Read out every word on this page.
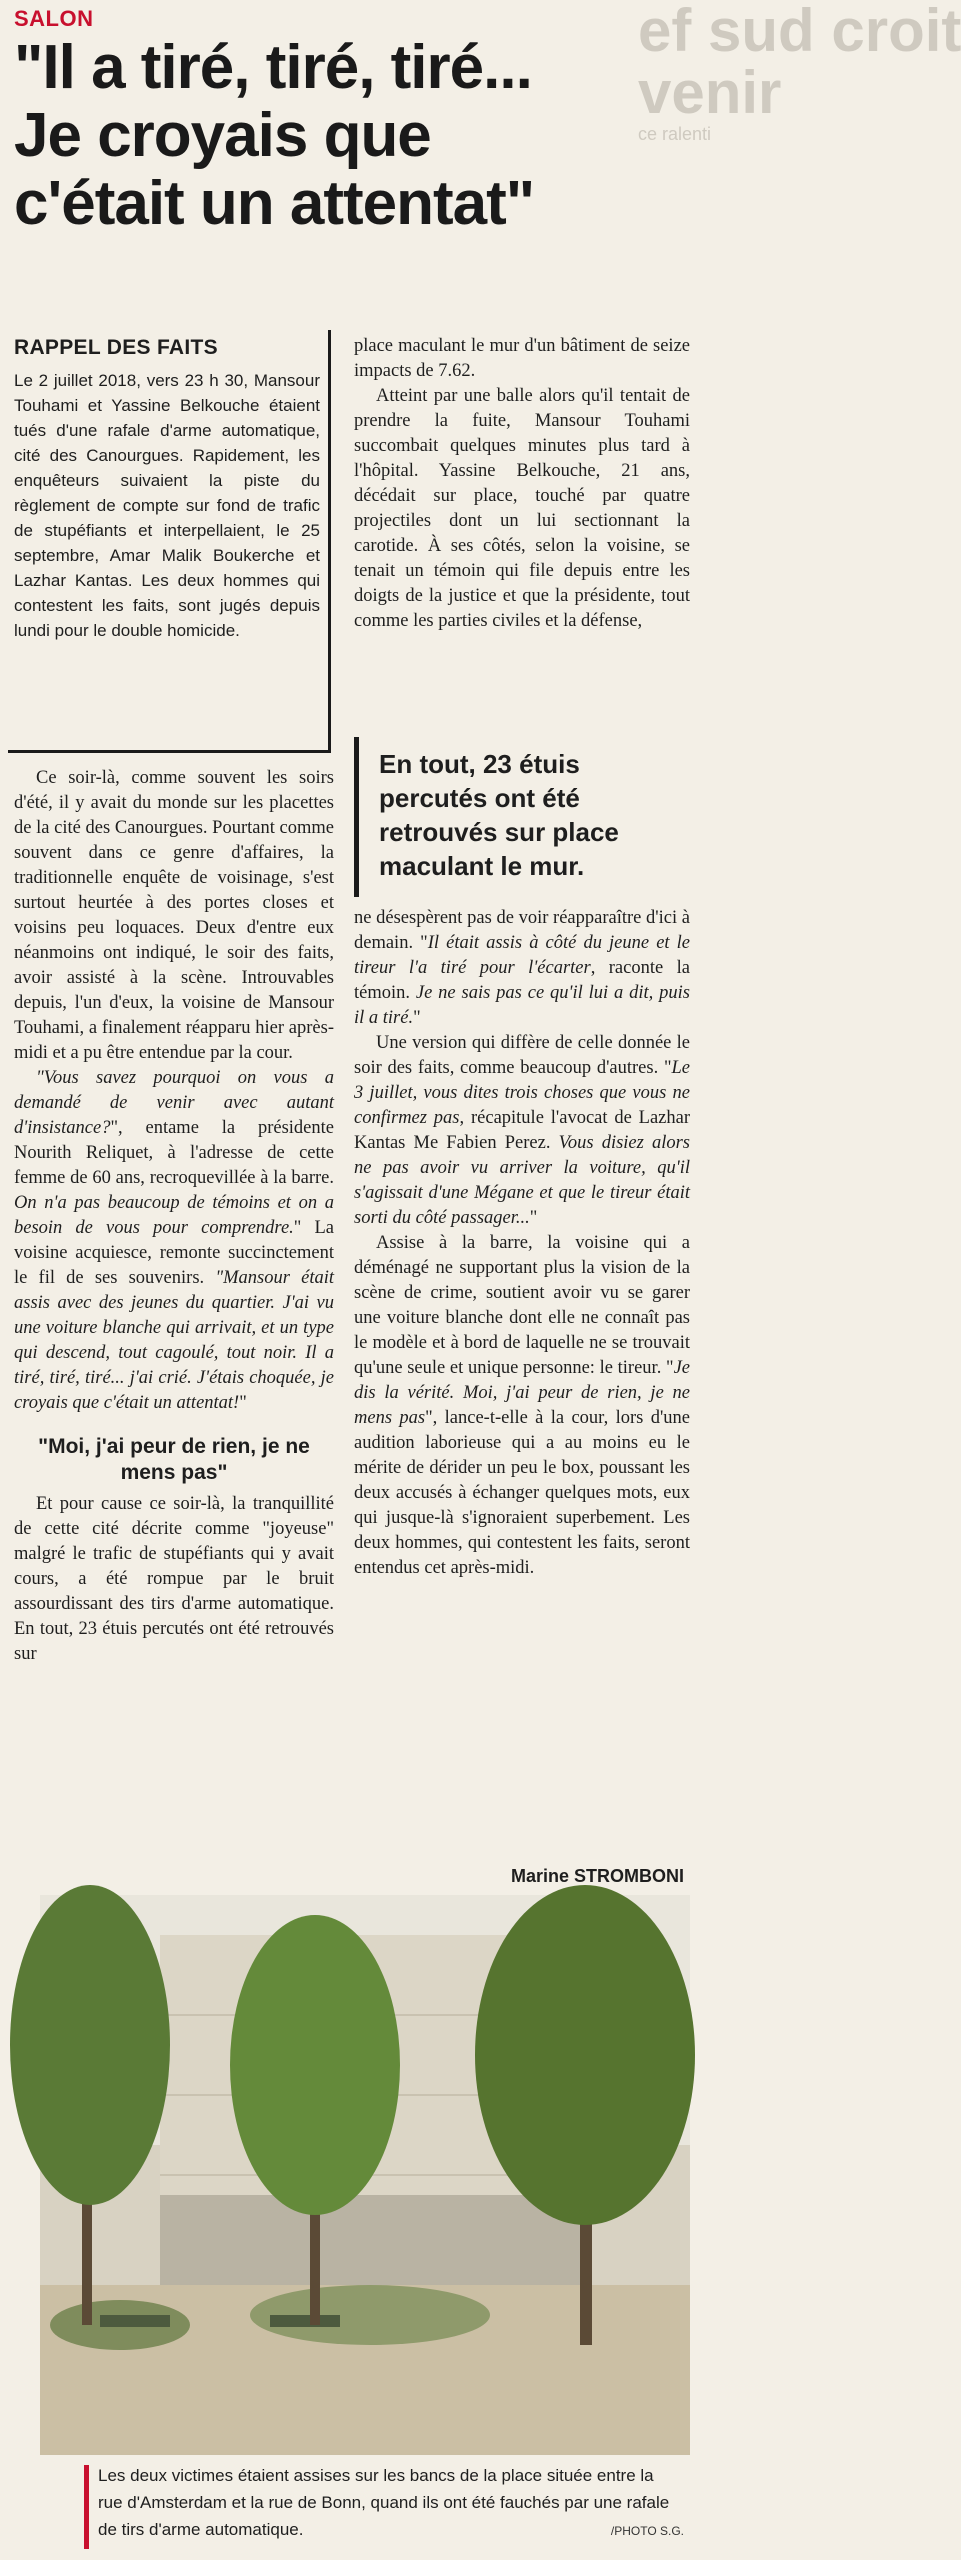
ef sud croit
venir
ce ralenti
SALON
"Il a tiré, tiré, tiré...
Je croyais que
c'était un attentat"
RAPPEL DES FAITS

Le 2 juillet 2018, vers 23 h 30, Mansour Touhami et Yassine Belkouche étaient tués d'une rafale d'arme automatique, cité des Canourgues. Rapidement, les enquêteurs suivaient la piste du règlement de compte sur fond de trafic de stupéfiants et interpellaient, le 25 septembre, Amar Malik Boukerche et Lazhar Kantas. Les deux hommes qui contestent les faits, sont jugés depuis lundi pour le double homicide.

place maculant le mur d'un bâtiment de seize impacts de 7.62.

Atteint par une balle alors qu'il tentait de prendre la fuite, Mansour Touhami succombait quelques minutes plus tard à l'hôpital. Yassine Belkouche, 21 ans, décédait sur place, touché par quatre projectiles dont un lui sectionnant la carotide. À ses côtés, selon la voisine, se tenait un témoin qui file depuis entre les doigts de la justice et que la présidente, tout comme les parties civiles et la défense,

En tout, 23 étuis percutés ont été retrouvés sur place maculant le mur.

Ce soir-là, comme souvent les soirs d'été, il y avait du monde sur les placettes de la cité des Canourgues. Pourtant comme souvent dans ce genre d'affaires, la traditionnelle enquête de voisinage, s'est surtout heurtée à des portes closes et voisins peu loquaces. Deux d'entre eux néanmoins ont indiqué, le soir des faits, avoir assisté à la scène. Introuvables depuis, l'un d'eux, la voisine de Mansour Touhami, a finalement réapparu hier après-midi et a pu être entendue par la cour.

"Vous savez pourquoi on vous a demandé de venir avec autant d'insistance?", entame la présidente Nourith Reliquet, à l'adresse de cette femme de 60 ans, recroquevillée à la barre. On n'a pas beaucoup de témoins et on a besoin de vous pour comprendre." La voisine acquiesce, remonte succinctement le fil de ses souvenirs. "Mansour était assis avec des jeunes du quartier. J'ai vu une voiture blanche qui arrivait, et un type qui descend, tout cagoulé, tout noir. Il a tiré, tiré, tiré... j'ai crié. J'étais choquée, je croyais que c'était un attentat!"

"Moi, j'ai peur de rien, je ne mens pas"

Et pour cause ce soir-là, la tranquillité de cette cité décrite comme "joyeuse" malgré le trafic de stupéfiants qui y avait cours, a été rompue par le bruit assourdissant des tirs d'arme automatique. En tout, 23 étuis percutés ont été retrouvés sur

ne désespèrent pas de voir réapparaître d'ici à demain. "Il était assis à côté du jeune et le tireur l'a tiré pour l'écarter, raconte la témoin. Je ne sais pas ce qu'il lui a dit, puis il a tiré."

Une version qui diffère de celle donnée le soir des faits, comme beaucoup d'autres. "Le 3 juillet, vous dites trois choses que vous ne confirmez pas, récapitule l'avocat de Lazhar Kantas Me Fabien Perez. Vous disiez alors ne pas avoir vu arriver la voiture, qu'il s'agissait d'une Mégane et que le tireur était sorti du côté passager..."

Assise à la barre, la voisine qui a déménagé ne supportant plus la vision de la scène de crime, soutient avoir vu se garer une voiture blanche dont elle ne connaît pas le modèle et à bord de laquelle ne se trouvait qu'une seule et unique personne: le tireur. "Je dis la vérité. Moi, j'ai peur de rien, je ne mens pas", lance-t-elle à la cour, lors d'une audition laborieuse qui a au moins eu le mérite de dérider un peu le box, poussant les deux accusés à échanger quelques mots, eux qui jusque-là s'ignoraient superbement. Les deux hommes, qui contestent les faits, seront entendus cet après-midi.

Marine STROMBONI

Les deux victimes étaient assises sur les bancs de la place située entre la rue d'Amsterdam et la rue de Bonn, quand ils ont été fauchés par une rafale de tirs d'arme automatique.	/PHOTO S.G.
